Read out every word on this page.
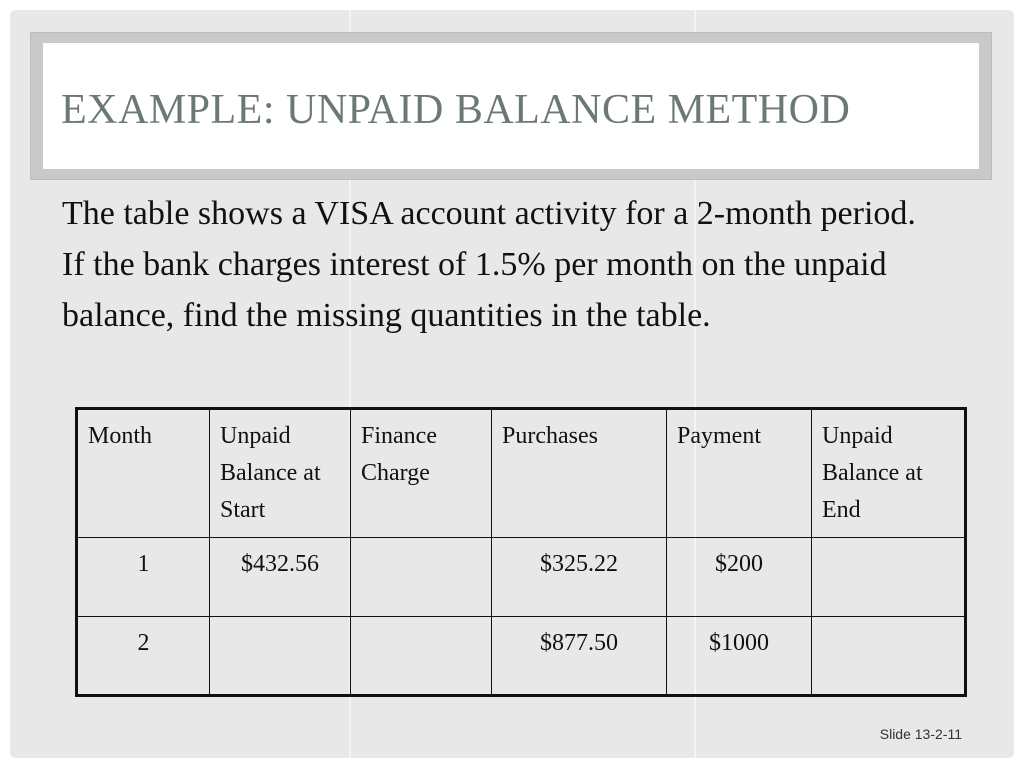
EXAMPLE: UNPAID BALANCE METHOD

The table shows a VISA account activity for a 2-month period. If the bank charges interest of 1.5% per month on the unpaid balance, find the missing quantities in the table.

Month	Unpaid Balance at Start	Finance Charge	Purchases	Payment	Unpaid Balance at End
1	$432.56		$325.22	$200	
2			$877.50	$1000	
Slide 13-2-11
